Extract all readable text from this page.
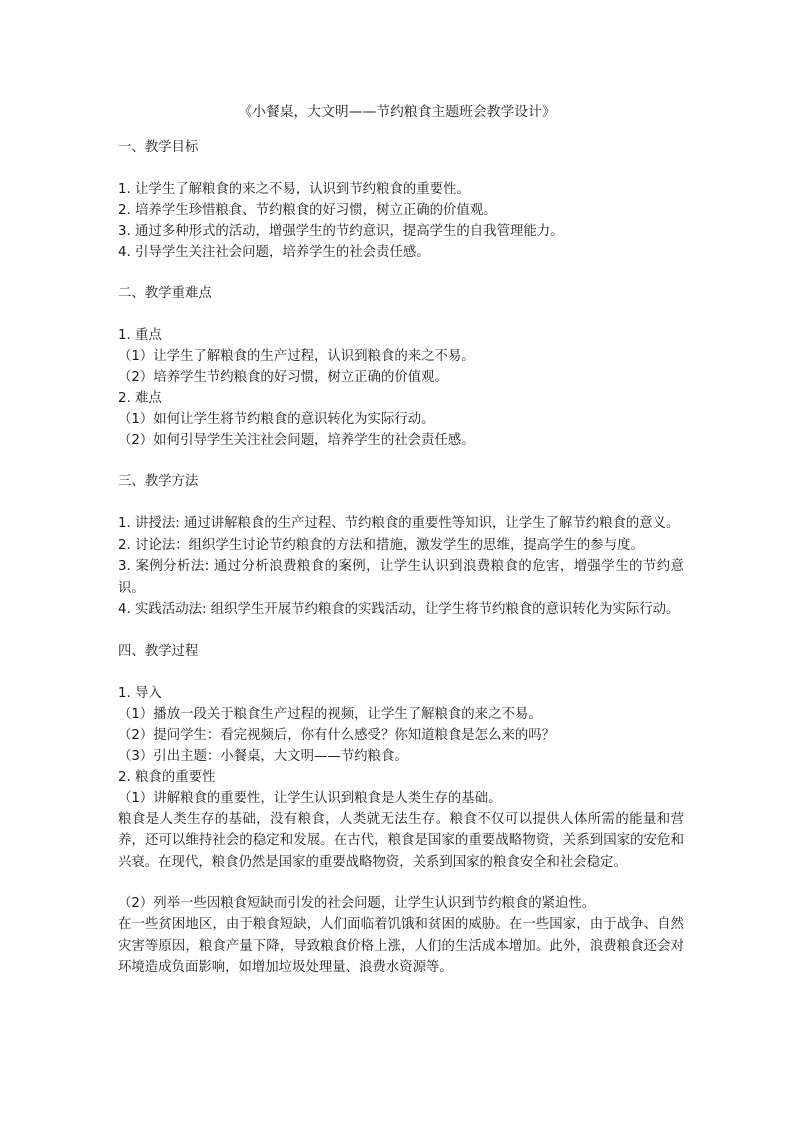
《小餐桌，大文明——节约粮食主题班会教学设计》
一、教学目标
1. 让学生了解粮食的来之不易，认识到节约粮食的重要性。
2. 培养学生珍惜粮食、节约粮食的好习惯，树立正确的价值观。
3. 通过多种形式的活动，增强学生的节约意识，提高学生的自我管理能力。
4. 引导学生关注社会问题，培养学生的社会责任感。
二、教学重难点
1. 重点
（1）让学生了解粮食的生产过程，认识到粮食的来之不易。
（2）培养学生节约粮食的好习惯，树立正确的价值观。
2. 难点
（1）如何让学生将节约粮食的意识转化为实际行动。
（2）如何引导学生关注社会问题，培养学生的社会责任感。
三、教学方法
1. 讲授法: 通过讲解粮食的生产过程、节约粮食的重要性等知识，让学生了解节约粮食的意义。
2. 讨论法：组织学生讨论节约粮食的方法和措施，激发学生的思维，提高学生的参与度。
3. 案例分析法: 通过分析浪费粮食的案例，让学生认识到浪费粮食的危害，增强学生的节约意识。
4. 实践活动法: 组织学生开展节约粮食的实践活动，让学生将节约粮食的意识转化为实际行动。
四、教学过程
1. 导入
（1）播放一段关于粮食生产过程的视频，让学生了解粮食的来之不易。
（2）提问学生：看完视频后，你有什么感受？你知道粮食是怎么来的吗？
（3）引出主题：小餐桌，大文明——节约粮食。
2. 粮食的重要性
（1）讲解粮食的重要性，让学生认识到粮食是人类生存的基础。
粮食是人类生存的基础，没有粮食，人类就无法生存。粮食不仅可以提供人体所需的能量和营养，还可以维持社会的稳定和发展。在古代，粮食是国家的重要战略物资，关系到国家的安危和兴衰。在现代，粮食仍然是国家的重要战略物资，关系到国家的粮食安全和社会稳定。
（2）列举一些因粮食短缺而引发的社会问题，让学生认识到节约粮食的紧迫性。
在一些贫困地区，由于粮食短缺，人们面临着饥饿和贫困的威胁。在一些国家，由于战争、自然灾害等原因，粮食产量下降，导致粮食价格上涨，人们的生活成本增加。此外，浪费粮食还会对环境造成负面影响，如增加垃圾处理量、浪费水资源等。
